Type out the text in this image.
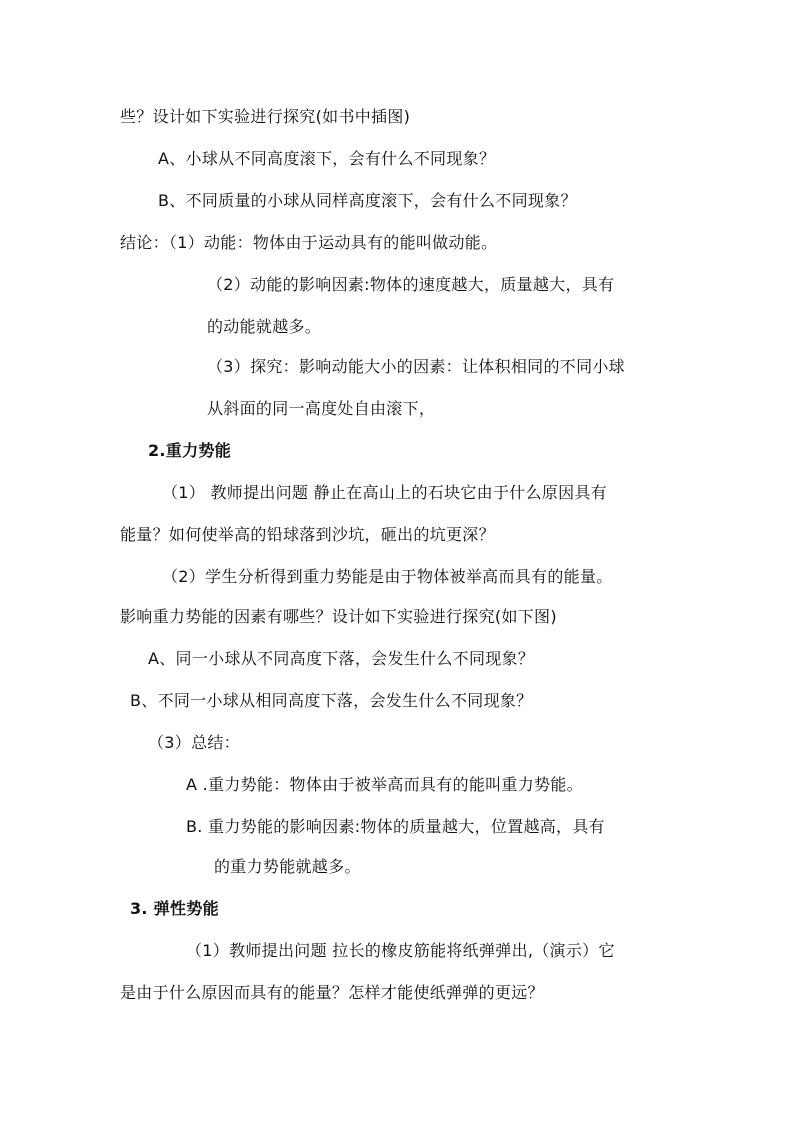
些？设计如下实验进行探究(如书中插图)
A、小球从不同高度滚下，会有什么不同现象？
B、不同质量的小球从同样高度滚下，会有什么不同现象？
结论：（1）动能：物体由于运动具有的能叫做动能。
（2）动能的影响因素:物体的速度越大，质量越大，具有
的动能就越多。
（3）探究：影响动能大小的因素：让体积相同的不同小球
从斜面的同一高度处自由滚下，
2.重力势能
（1） 教师提出问题 静止在高山上的石块它由于什么原因具有
能量？如何使举高的铅球落到沙坑，砸出的坑更深？
（2）学生分析得到重力势能是由于物体被举高而具有的能量。
影响重力势能的因素有哪些？设计如下实验进行探究(如下图)
A、同一小球从不同高度下落，会发生什么不同现象？
B、不同一小球从相同高度下落，会发生什么不同现象？
（3）总结：
A .重力势能：物体由于被举高而具有的能叫重力势能。
B. 重力势能的影响因素:物体的质量越大，位置越高，具有
的重力势能就越多。
3. 弹性势能
（1）教师提出问题 拉长的橡皮筋能将纸弹弹出,（演示）它
是由于什么原因而具有的能量？怎样才能使纸弹弹的更远？
